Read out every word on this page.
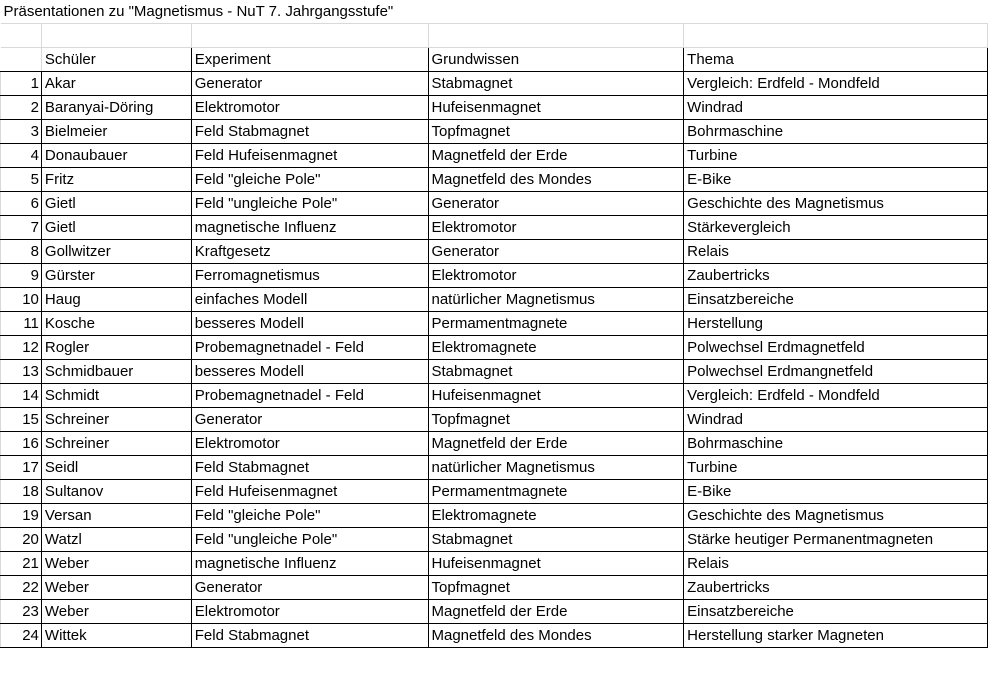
Präsentationen zu "Magnetismus - NuT 7. Jahrgangsstufe"				

	Schüler	Experiment	Grundwissen	Thema
1	Akar	Generator	Stabmagnet	Vergleich: Erdfeld - Mondfeld
2	Baranyai-Döring	Elektromotor	Hufeisenmagnet	Windrad
3	Bielmeier	Feld Stabmagnet	Topfmagnet	Bohrmaschine
4	Donaubauer	Feld Hufeisenmagnet	Magnetfeld der Erde	Turbine
5	Fritz	Feld "gleiche Pole"	Magnetfeld des Mondes	E-Bike
6	Gietl	Feld "ungleiche Pole"	Generator	Geschichte des Magnetismus
7	Gietl	magnetische Influenz	Elektromotor	Stärkevergleich
8	Gollwitzer	Kraftgesetz	Generator	Relais
9	Gürster	Ferromagnetismus	Elektromotor	Zaubertricks
10	Haug	einfaches Modell	natürlicher Magnetismus	Einsatzbereiche
11	Kosche	besseres Modell	Permamentmagnete	Herstellung
12	Rogler	Probemagnetnadel - Feld	Elektromagnete	Polwechsel Erdmagnetfeld
13	Schmidbauer	besseres Modell	Stabmagnet	Polwechsel Erdmangnetfeld
14	Schmidt	Probemagnetnadel - Feld	Hufeisenmagnet	Vergleich: Erdfeld - Mondfeld
15	Schreiner	Generator	Topfmagnet	Windrad
16	Schreiner	Elektromotor	Magnetfeld der Erde	Bohrmaschine
17	Seidl	Feld Stabmagnet	natürlicher Magnetismus	Turbine
18	Sultanov	Feld Hufeisenmagnet	Permamentmagnete	E-Bike
19	Versan	Feld "gleiche Pole"	Elektromagnete	Geschichte des Magnetismus
20	Watzl	Feld "ungleiche Pole"	Stabmagnet	Stärke heutiger Permanentmagneten
21	Weber	magnetische Influenz	Hufeisenmagnet	Relais
22	Weber	Generator	Topfmagnet	Zaubertricks
23	Weber	Elektromotor	Magnetfeld der Erde	Einsatzbereiche
24	Wittek	Feld Stabmagnet	Magnetfeld des Mondes	Herstellung starker Magneten
